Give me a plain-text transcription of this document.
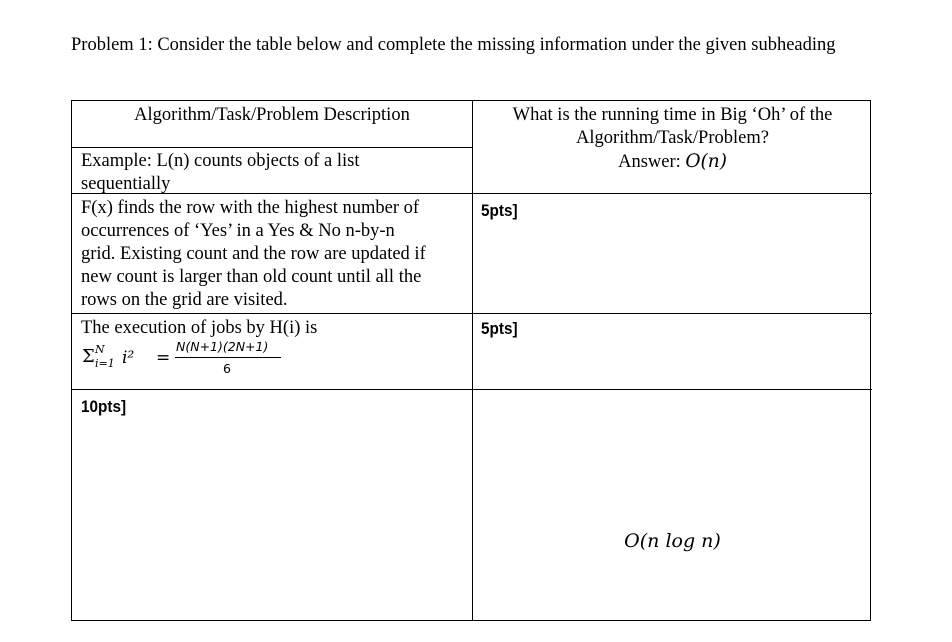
Problem 1: Consider the table below and complete the missing information under the given subheading
Algorithm/Task/Problem Description	What is the running time in Big ‘Oh’ of the
Algorithm/Task/Problem?
Answer: O(n)
Example: L(n) counts objects of a list
sequentially
F(x) finds the row with the highest number of
occurrences of ‘Yes’ in a Yes & No n-by-n
grid. Existing count and the row are updated if
new count is larger than old count until all the
rows on the grid are visited.
5pts]
The execution of jobs by H(i) is
Σ N
i=1 i² =
N(N+1)(2N+1)
6
5pts]
10pts]
O(n log n)
